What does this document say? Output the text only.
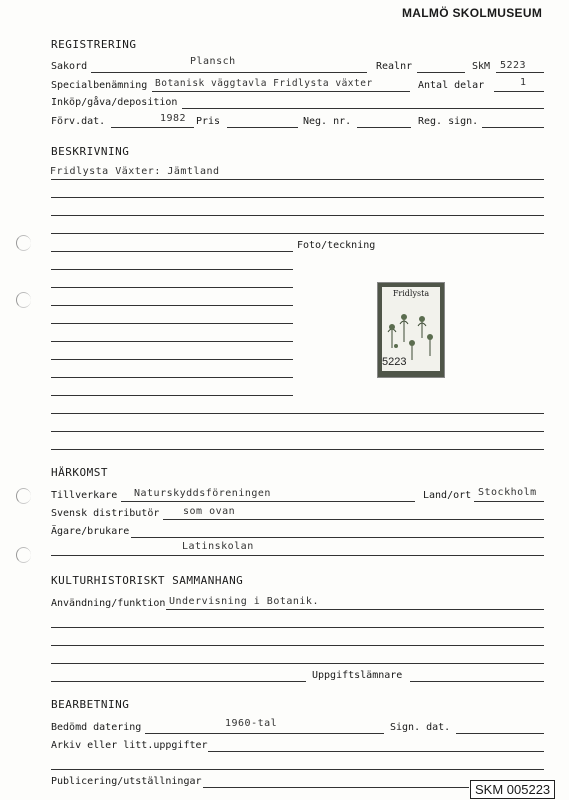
MALMÖ SKOLMUSEUM
REGISTRERING
Sakord	Plansch	Realnr	SkM 5223
Specialbenämning Botanisk väggtavla Fridlysta växter	Antal delar	1
Inköp/gåva/deposition
Förv.dat.	1982 Pris	Neg. nr.	Reg. sign.
BESKRIVNING
Fridlysta Växter: Jämtland
Foto/teckning
Fridlysta
5223
HÄRKOMST
Tillverkare Naturskyddsföreningen	Land/ort Stockholm
Svensk distributör som ovan
Ägare/brukare
Latinskolan
KULTURHISTORISKT SAMMANHANG
Användning/funktion Undervisning i Botanik.
Uppgiftslämnare
BEARBETNING
Bedömd datering	1960-tal	Sign. dat.
Arkiv eller litt.uppgifter
Publicering/utställningar
SKM 005223
